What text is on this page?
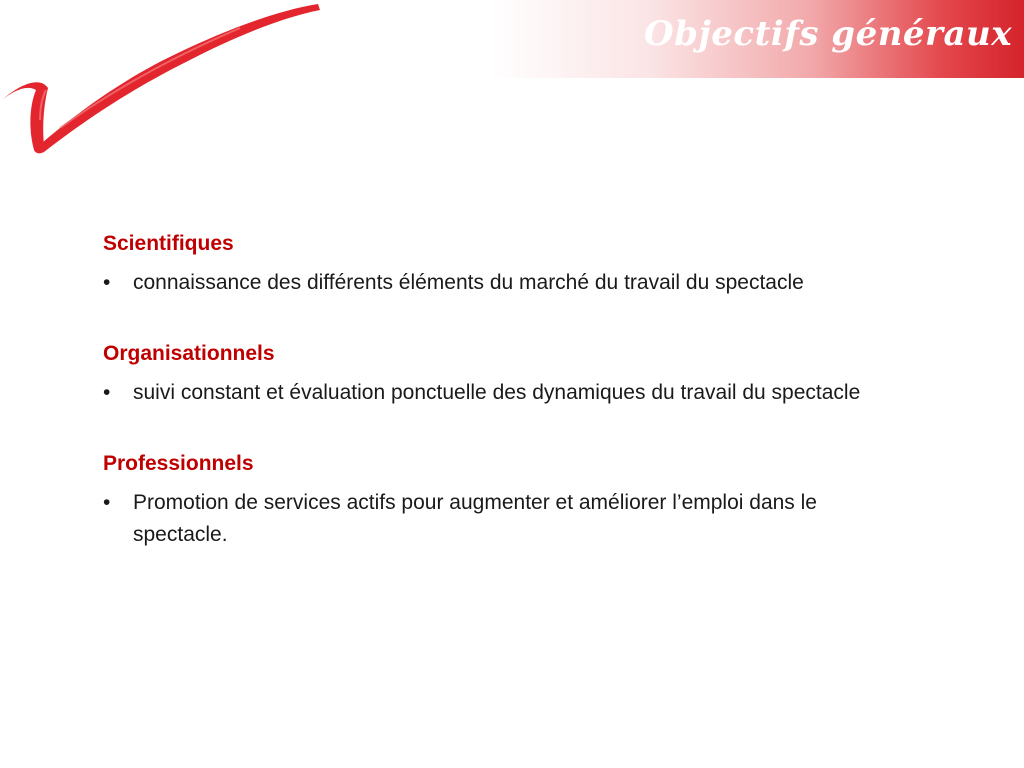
Objectifs généraux
Scientifiques
•	connaissance des différents éléments du marché du travail du spectacle
Organisationnels
•	suivi constant et évaluation ponctuelle des dynamiques du travail du spectacle
Professionnels
•	Promotion de services actifs pour augmenter et améliorer l’emploi dans le spectacle.
